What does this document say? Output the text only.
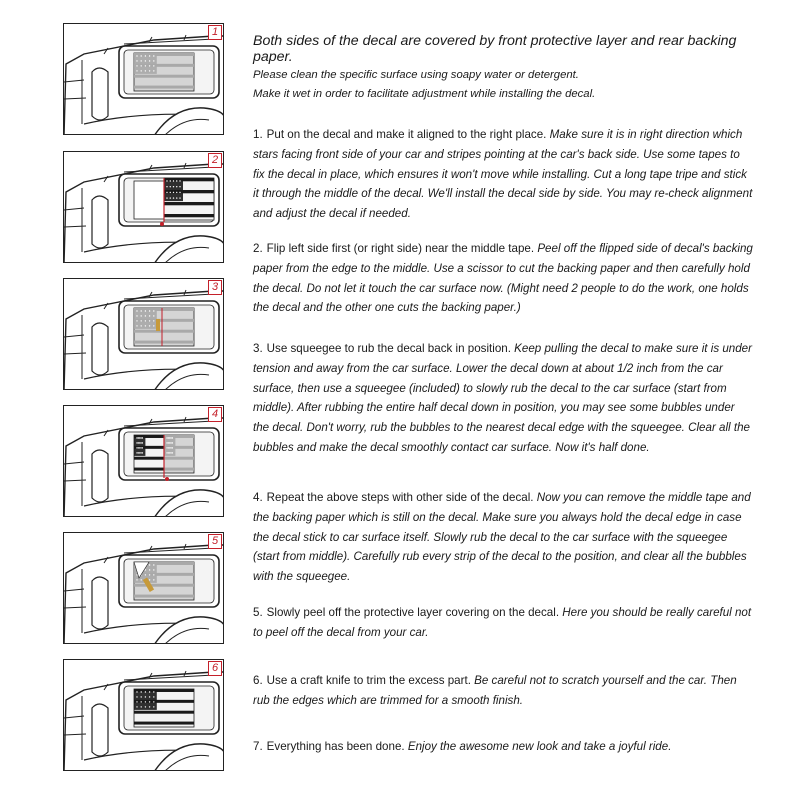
1
2
3
4
5
6

Both sides of the decal are covered by front protective layer and rear backing paper.

Please clean the specific surface using soapy water or detergent.

Make it wet in order to facilitate adjustment while installing the decal.

1. Put on the decal and make it aligned to the right place. Make sure it is in right direction which stars facing front side of your car and stripes pointing at the car's back side. Use some tapes to fix the decal in place, which ensures it won't move while installing. Cut a long tape tripe and stick it through the middle of the decal. We'll install the decal side by side. You may re-check alignment and adjust the decal if needed.
2. Flip left side first (or right side) near the middle tape. Peel off the flipped side of decal's backing paper from the edge to the middle. Use a scissor to cut the backing paper and then carefully hold the decal. Do not let it touch the car surface now. (Might need 2 people to do the work, one holds the decal and the other one cuts the backing paper.)
3. Use squeegee to rub the decal back in position. Keep pulling the decal to make sure it is under tension and away from the car surface. Lower the decal down at about 1/2 inch from the car surface, then use a squeegee (included) to slowly rub the decal to the car surface (start from middle). After rubbing the entire half decal down in position, you may see some bubbles under the decal. Don't worry, rub the bubbles to the nearest decal edge with the squeegee. Clear all the bubbles and make the decal smoothly contact car surface. Now it's half done.
4. Repeat the above steps with other side of the decal. Now you can remove the middle tape and the backing paper which is still on the decal. Make sure you always hold the decal edge in case the decal stick to car surface itself. Slowly rub the decal to the car surface with the squeegee (start from middle). Carefully rub every strip of the decal to the position, and clear all the bubbles with the squeegee.
5. Slowly peel off the protective layer covering on the decal. Here you should be really careful not to peel off the decal from your car.
6. Use a craft knife to trim the excess part. Be careful not to scratch yourself and the car. Then rub the edges which are trimmed for a smooth finish.
7. Everything has been done. Enjoy the awesome new look and take a joyful ride.
